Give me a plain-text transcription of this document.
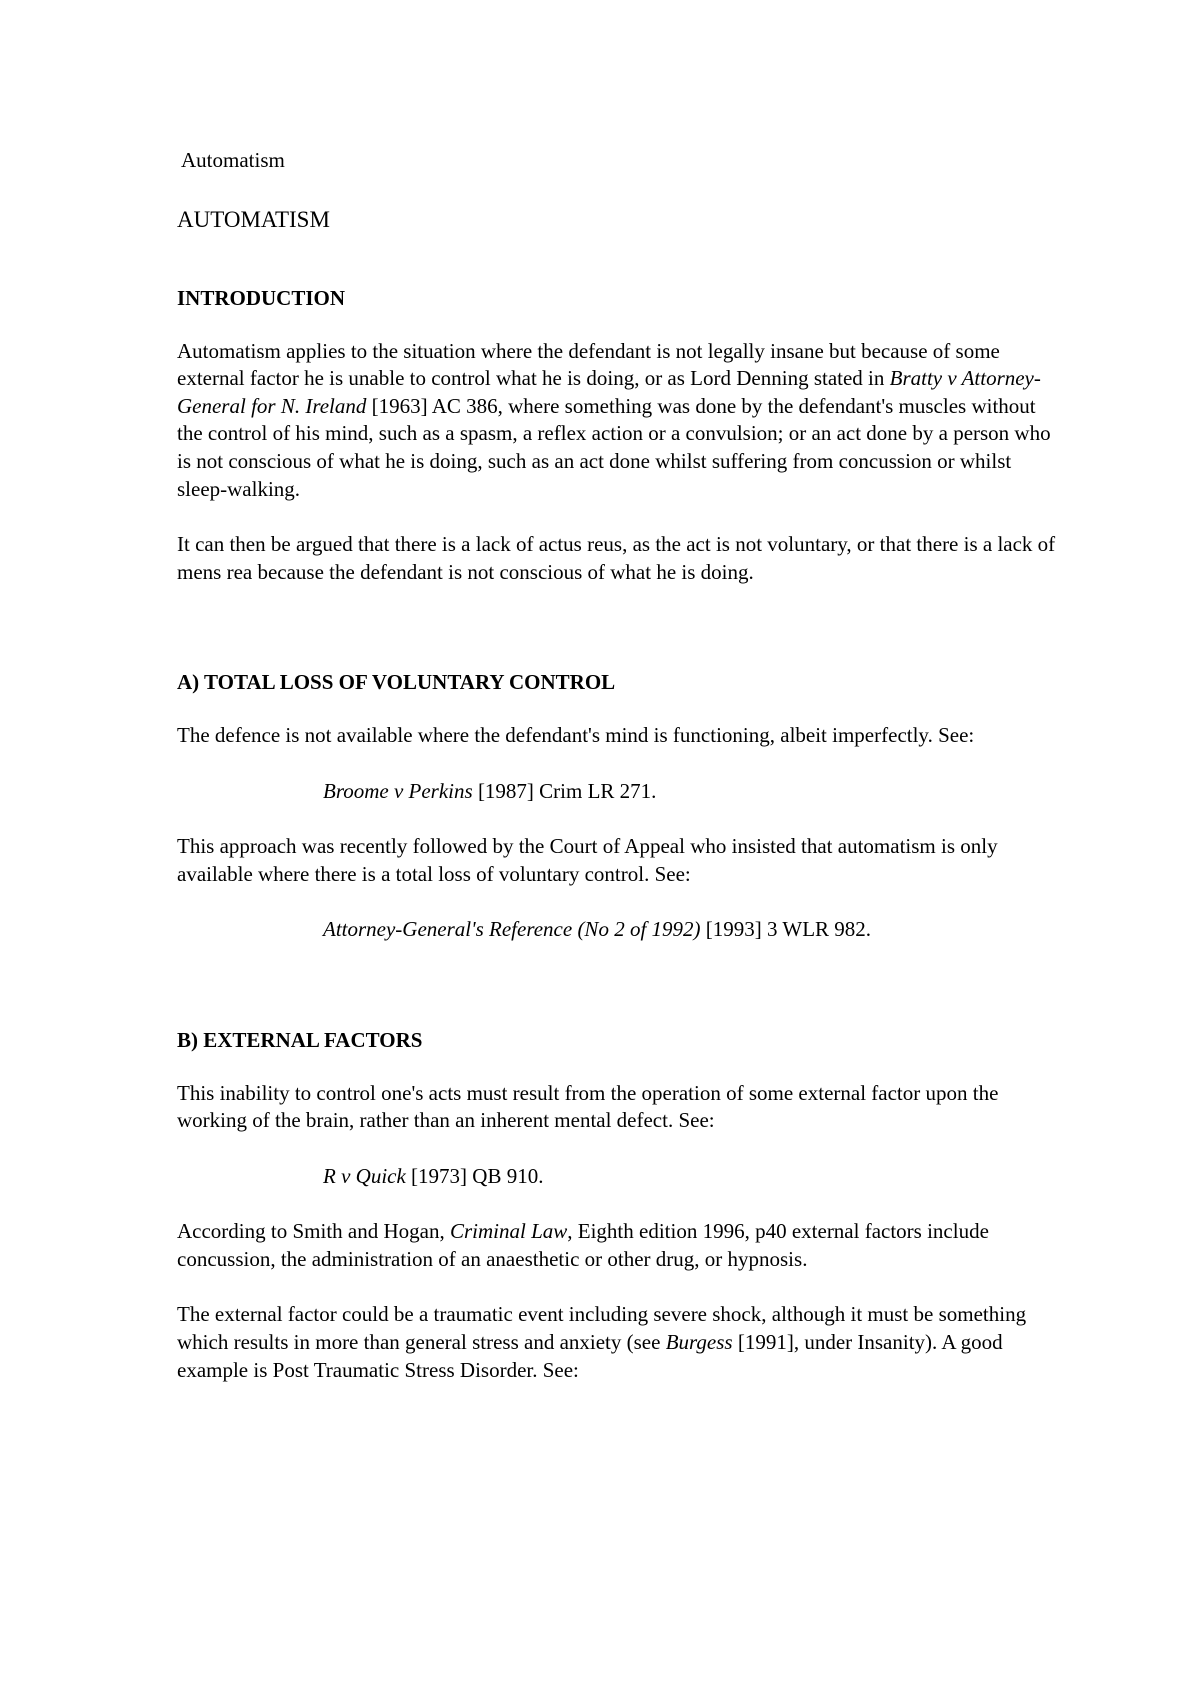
Automatism

AUTOMATISM

INTRODUCTION

Automatism applies to the situation where the defendant is not legally insane but because of some external factor he is unable to control what he is doing, or as Lord Denning stated in Bratty v Attorney-General for N. Ireland [1963] AC 386, where something was done by the defendant's muscles without the control of his mind, such as a spasm, a reflex action or a convulsion; or an act done by a person who is not conscious of what he is doing, such as an act done whilst suffering from concussion or whilst sleep-walking.

It can then be argued that there is a lack of actus reus, as the act is not voluntary, or that there is a lack of mens rea because the defendant is not conscious of what he is doing.

A) TOTAL LOSS OF VOLUNTARY CONTROL

The defence is not available where the defendant's mind is functioning, albeit imperfectly. See:

Broome v Perkins [1987] Crim LR 271.

This approach was recently followed by the Court of Appeal who insisted that automatism is only available where there is a total loss of voluntary control. See:

Attorney-General's Reference (No 2 of 1992) [1993] 3 WLR 982.

B) EXTERNAL FACTORS

This inability to control one's acts must result from the operation of some external factor upon the working of the brain, rather than an inherent mental defect. See:

R v Quick [1973] QB 910.

According to Smith and Hogan, Criminal Law, Eighth edition 1996, p40 external factors include concussion, the administration of an anaesthetic or other drug, or hypnosis.

The external factor could be a traumatic event including severe shock, although it must be something which results in more than general stress and anxiety (see Burgess [1991], under Insanity). A good example is Post Traumatic Stress Disorder. See:
